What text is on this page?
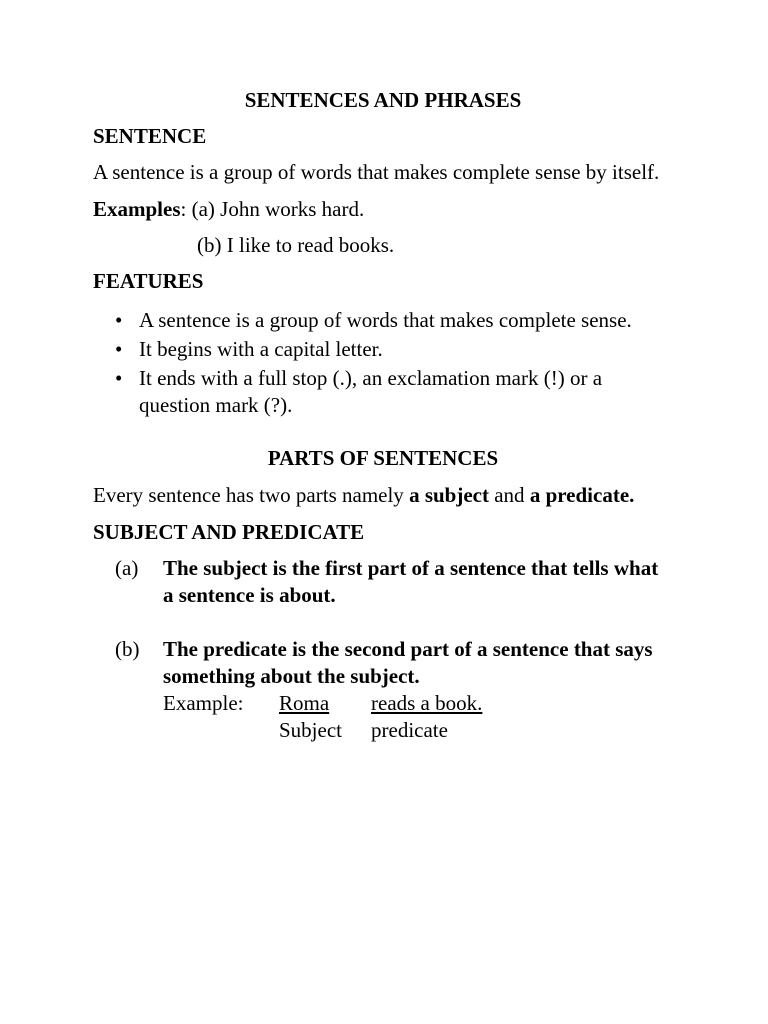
SENTENCES AND PHRASES

SENTENCE

A sentence is a group of words that makes complete sense by itself.

Examples: (a) John works hard.

(b) I like to read books.

FEATURES

• A sentence is a group of words that makes complete sense.
• It begins with a capital letter.
• It ends with a full stop (.), an exclamation mark (!) or a question mark (?).

PARTS OF SENTENCES

Every sentence has two parts namely a subject and a predicate.

SUBJECT AND PREDICATE

(a) The subject is the first part of a sentence that tells what a sentence is about.
(b) The predicate is the second part of a sentence that says something about the subject.
Example: Roma reads a book.
Subject predicate
